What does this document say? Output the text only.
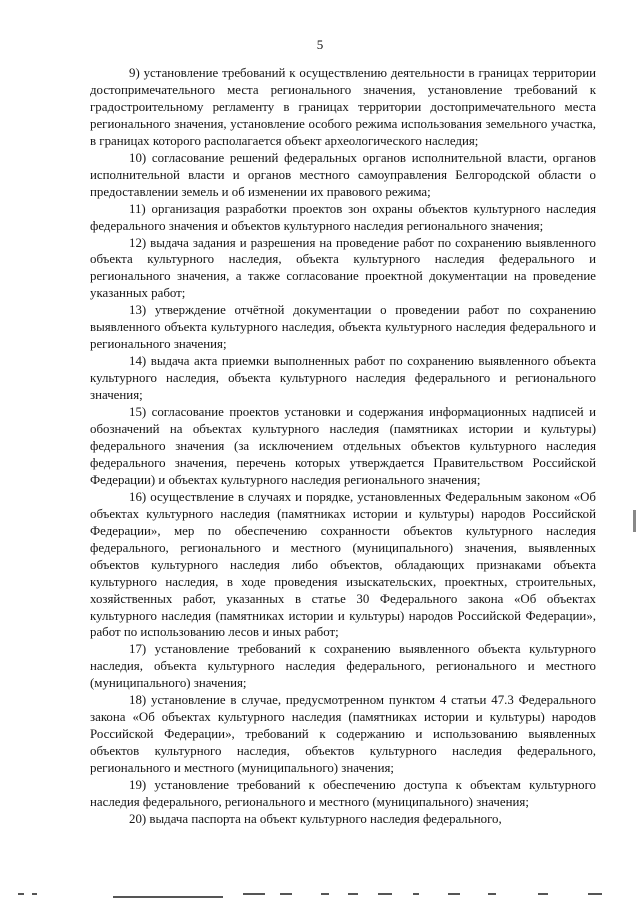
5

9) установление требований к осуществлению деятельности в границах территории достопримечательного места регионального значения, установление требований к градостроительному регламенту в границах территории достопримечательного места регионального значения, установление особого режима использования земельного участка, в границах которого располагается объект археологического наследия;

10) согласование решений федеральных органов исполнительной власти, органов исполнительной власти и органов местного самоуправления Белгородской области о предоставлении земель и об изменении их правового режима;

11) организация разработки проектов зон охраны объектов культурного наследия федерального значения и объектов культурного наследия регионального значения;

12) выдача задания и разрешения на проведение работ по сохранению выявленного объекта культурного наследия, объекта культурного наследия федерального и регионального значения, а также согласование проектной документации на проведение указанных работ;

13) утверждение отчётной документации о проведении работ по сохранению выявленного объекта культурного наследия, объекта культурного наследия федерального и регионального значения;

14) выдача акта приемки выполненных работ по сохранению выявленного объекта культурного наследия, объекта культурного наследия федерального и регионального значения;

15) согласование проектов установки и содержания информационных надписей и обозначений на объектах культурного наследия (памятниках истории и культуры) федерального значения (за исключением отдельных объектов культурного наследия федерального значения, перечень которых утверждается Правительством Российской Федерации) и объектах культурного наследия регионального значения;

16) осуществление в случаях и порядке, установленных Федеральным законом «Об объектах культурного наследия (памятниках истории и культуры) народов Российской Федерации», мер по обеспечению сохранности объектов культурного наследия федерального, регионального и местного (муниципального) значения, выявленных объектов культурного наследия либо объектов, обладающих признаками объекта культурного наследия, в ходе проведения изыскательских, проектных, строительных, хозяйственных работ, указанных в статье 30 Федерального закона «Об объектах культурного наследия (памятниках истории и культуры) народов Российской Федерации», работ по использованию лесов и иных работ;

17) установление требований к сохранению выявленного объекта культурного наследия, объекта культурного наследия федерального, регионального и местного (муниципального) значения;

18) установление в случае, предусмотренном пунктом 4 статьи 47.3 Федерального закона «Об объектах культурного наследия (памятниках истории и культуры) народов Российской Федерации», требований к содержанию и использованию выявленных объектов культурного наследия, объектов культурного наследия федерального, регионального и местного (муниципального) значения;

19) установление требований к обеспечению доступа к объектам культурного наследия федерального, регионального и местного (муниципального) значения;

20) выдача паспорта на объект культурного наследия федерального,
